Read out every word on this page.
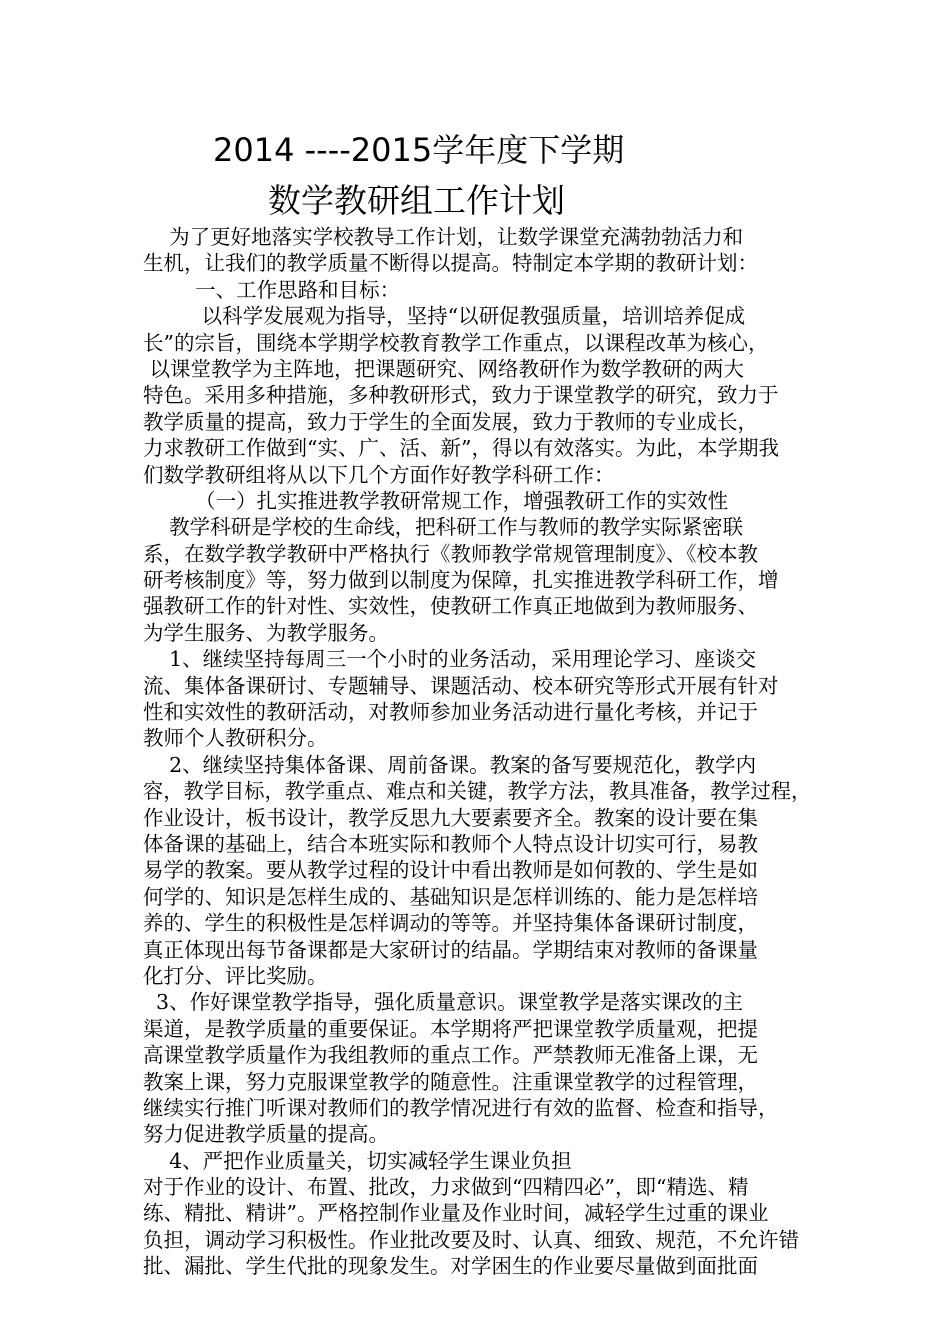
2014 ----2015学年度下学期
数学教研组工作计划
为了更好地落实学校教导工作计划，让数学课堂充满勃勃活力和
生机，让我们的教学质量不断得以提高。特制定本学期的教研计划：
一、工作思路和目标：
以科学发展观为指导，坚持“以研促教强质量，培训培养促成
长”的宗旨，围绕本学期学校教育教学工作重点，以课程改革为核心，
以课堂教学为主阵地，把课题研究、网络教研作为数学教研的两大
特色。采用多种措施，多种教研形式，致力于课堂教学的研究，致力于
教学质量的提高，致力于学生的全面发展，致力于教师的专业成长，
力求教研工作做到“实、广、活、新”，得以有效落实。为此，本学期我
们数学教研组将从以下几个方面作好教学科研工作：
（一）扎实推进教学教研常规工作，增强教研工作的实效性
教学科研是学校的生命线，把科研工作与教师的教学实际紧密联
系，在数学教学教研中严格执行《教师教学常规管理制度》、《校本教
研考核制度》等，努力做到以制度为保障，扎实推进教学科研工作，增
强教研工作的针对性、实效性，使教研工作真正地做到为教师服务、
为学生服务、为教学服务。
1、继续坚持每周三一个小时的业务活动，采用理论学习、座谈交
流、集体备课研讨、专题辅导、课题活动、校本研究等形式开展有针对
性和实效性的教研活动，对教师参加业务活动进行量化考核，并记于
教师个人教研积分。
2、继续坚持集体备课、周前备课。教案的备写要规范化，教学内
容，教学目标，教学重点、难点和关键，教学方法，教具准备，教学过程，
作业设计，板书设计，教学反思九大要素要齐全。教案的设计要在集
体备课的基础上，结合本班实际和教师个人特点设计切实可行，易教
易学的教案。要从教学过程的设计中看出教师是如何教的、学生是如
何学的、知识是怎样生成的、基础知识是怎样训练的、能力是怎样培
养的、学生的积极性是怎样调动的等等。并坚持集体备课研讨制度，
真正体现出每节备课都是大家研讨的结晶。学期结束对教师的备课量
化打分、评比奖励。
3、作好课堂教学指导，强化质量意识。课堂教学是落实课改的主
渠道，是教学质量的重要保证。本学期将严把课堂教学质量观，把提
高课堂教学质量作为我组教师的重点工作。严禁教师无准备上课，无
教案上课，努力克服课堂教学的随意性。注重课堂教学的过程管理，
继续实行推门听课对教师们的教学情况进行有效的监督、检查和指导，
努力促进教学质量的提高。
4、严把作业质量关，切实减轻学生课业负担
对于作业的设计、布置、批改，力求做到“四精四必”，即“精选、精
练、精批、精讲”。严格控制作业量及作业时间，减轻学生过重的课业
负担，调动学习积极性。作业批改要及时、认真、细致、规范，不允许错
批、漏批、学生代批的现象发生。对学困生的作业要尽量做到面批面
